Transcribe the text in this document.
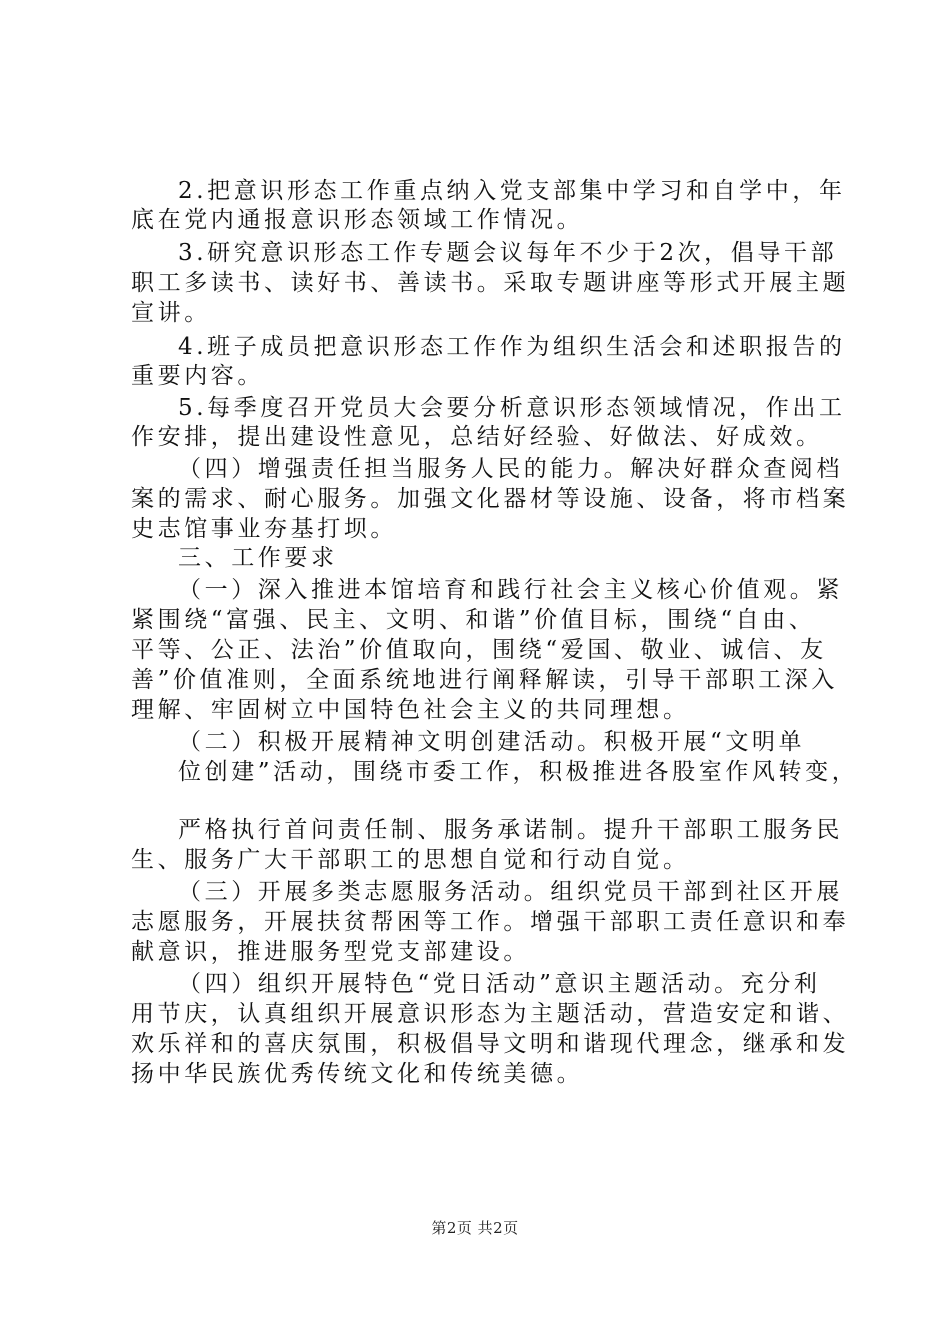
2.把意识形态工作重点纳入党支部集中学习和自学中，年
底在党内通报意识形态领域工作情况。
3.研究意识形态工作专题会议每年不少于2次，倡导干部
职工多读书、读好书、善读书。采取专题讲座等形式开展主题
宣讲。
4.班子成员把意识形态工作作为组织生活会和述职报告的
重要内容。
5.每季度召开党员大会要分析意识形态领域情况，作出工
作安排，提出建设性意见，总结好经验、好做法、好成效。
（四）增强责任担当服务人民的能力。解决好群众查阅档
案的需求、耐心服务。加强文化器材等设施、设备，将市档案
史志馆事业夯基打坝。
三、工作要求
（一）深入推进本馆培育和践行社会主义核心价值观。紧
紧围绕“富强、民主、文明、和谐”价值目标，围绕“自由、
平等、公正、法治”价值取向，围绕“爱国、敬业、诚信、友
善”价值准则，全面系统地进行阐释解读，引导干部职工深入
理解、牢固树立中国特色社会主义的共同理想。
（二）积极开展精神文明创建活动。积极开展“文明单
位创建”活动，围绕市委工作，积极推进各股室作风转变，
严格执行首问责任制、服务承诺制。提升干部职工服务民
生、服务广大干部职工的思想自觉和行动自觉。
（三）开展多类志愿服务活动。组织党员干部到社区开展
志愿服务，开展扶贫帮困等工作。增强干部职工责任意识和奉
献意识，推进服务型党支部建设。
（四）组织开展特色“党日活动”意识主题活动。充分利
用节庆，认真组织开展意识形态为主题活动，营造安定和谐、
欢乐祥和的喜庆氛围，积极倡导文明和谐现代理念，继承和发
扬中华民族优秀传统文化和传统美德。
第2页 共2页
